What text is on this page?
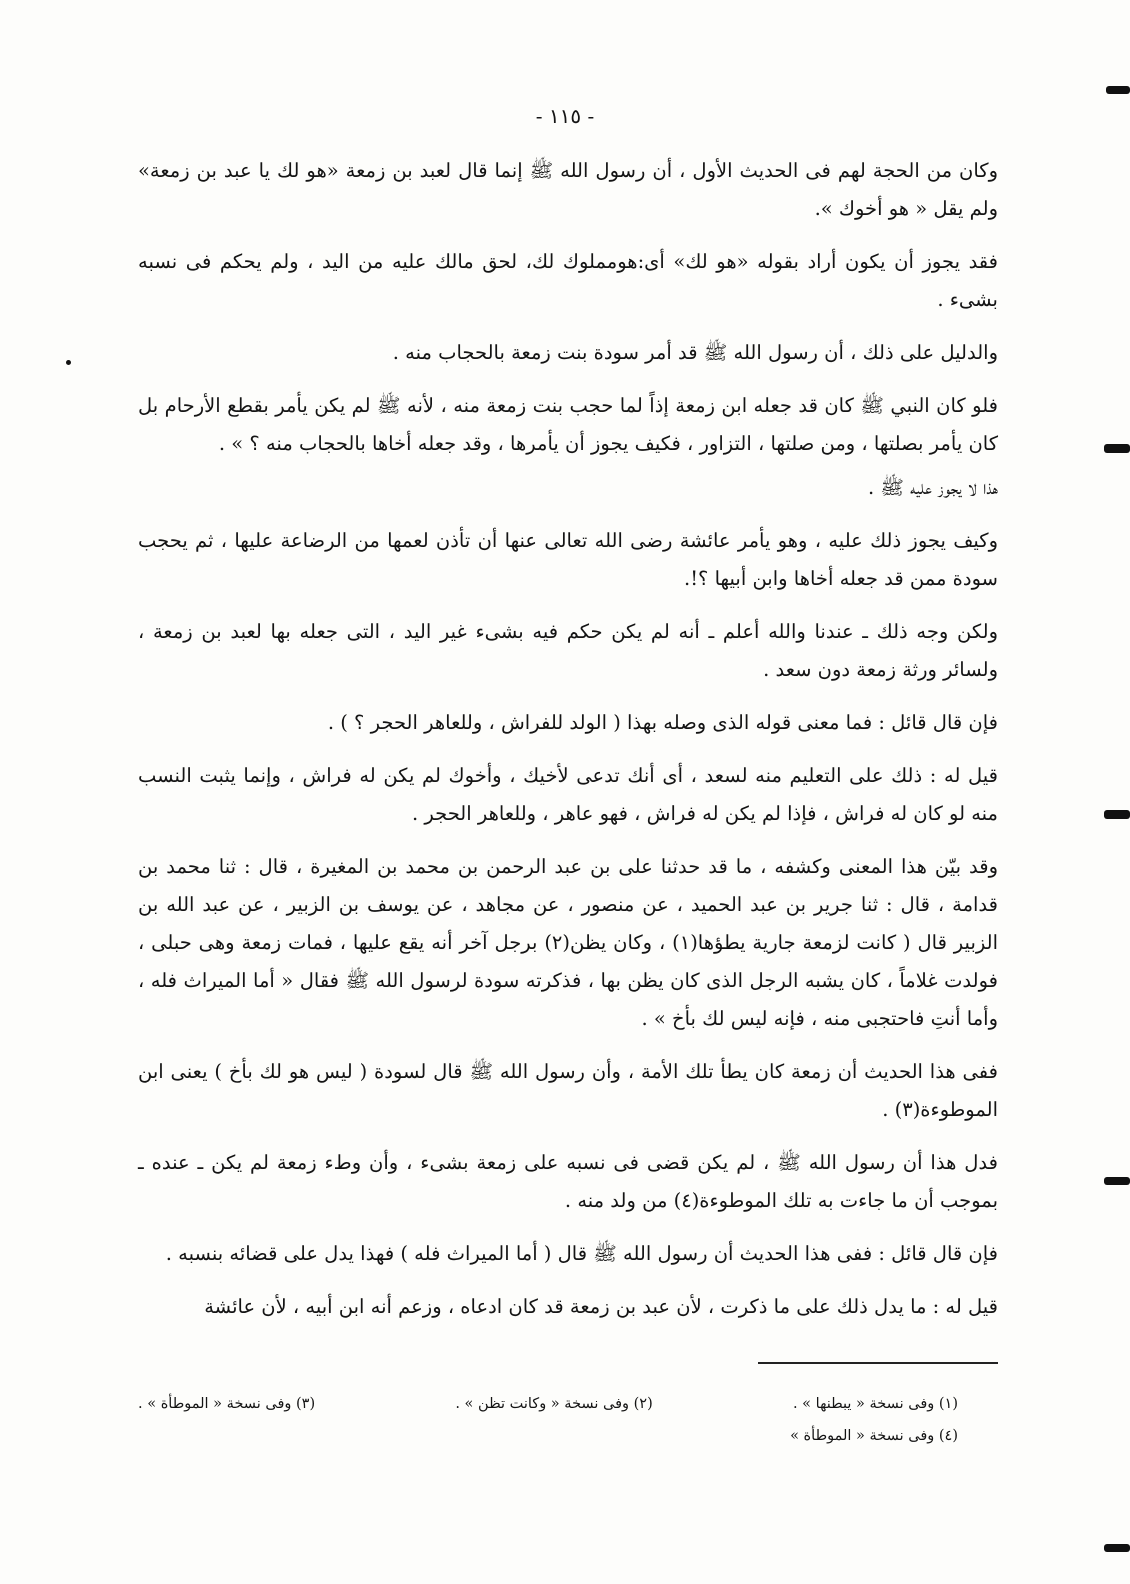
- ١١٥ -

وكان من الحجة لهم فى الحديث الأول ، أن رسول الله ﷺ إنما قال لعبد بن زمعة «هو لك يا عبد بن زمعة» ولم يقل « هو أخوك ».

فقد يجوز أن يكون أراد بقوله «هو لك» أى:هومملوك لك، لحق مالك عليه من اليد ، ولم يحكم فى نسبه بشىء .

والدليل على ذلك ، أن رسول الله ﷺ قد أمر سودة بنت زمعة بالحجاب منه .

فلو كان النبي ﷺ كان قد جعله ابن زمعة إذاً لما حجب بنت زمعة منه ، لأنه ﷺ لم يكن يأمر بقطع الأرحام بل كان يأمر بصلتها ، ومن صلتها ، التزاور ، فكيف يجوز أن يأمرها ، وقد جعله أخاها بالحجاب منه ؟ » .

هذا لا يجوز عليه ﷺ .

وكيف يجوز ذلك عليه ، وهو يأمر عائشة رضى الله تعالى عنها أن تأذن لعمها من الرضاعة عليها ، ثم يحجب سودة ممن قد جعله أخاها وابن أبيها ؟!.

ولكن وجه ذلك ـ عندنا والله أعلم ـ أنه لم يكن حكم فيه بشىء غير اليد ، التى جعله بها لعبد بن زمعة ، ولسائر ورثة زمعة دون سعد .

فإن قال قائل : فما معنى قوله الذى وصله بهذا ( الولد للفراش ، وللعاهر الحجر ؟ ) .

قيل له : ذلك على التعليم منه لسعد ، أى أنك تدعى لأخيك ، وأخوك لم يكن له فراش ، وإنما يثبت النسب منه لو كان له فراش ، فإذا لم يكن له فراش ، فهو عاهر ، وللعاهر الحجر .

وقد بيّن هذا المعنى وكشفه ، ما قد حدثنا على بن عبد الرحمن بن محمد بن المغيرة ، قال : ثنا محمد بن قدامة ، قال : ثنا جرير بن عبد الحميد ، عن منصور ، عن مجاهد ، عن يوسف بن الزبير ، عن عبد الله بن الزبير قال ( كانت لزمعة جارية يطؤها(١) ، وكان يظن(٢) برجل آخر أنه يقع عليها ، فمات زمعة وهى حبلى ، فولدت غلاماً ، كان يشبه الرجل الذى كان يظن بها ، فذكرته سودة لرسول الله ﷺ فقال « أما الميراث فله ، وأما أنتِ فاحتجبى منه ، فإنه ليس لك بأخ » .

ففى هذا الحديث أن زمعة كان يطأ تلك الأمة ، وأن رسول الله ﷺ قال لسودة ( ليس هو لك بأخ ) يعنى ابن الموطوءة(٣) .

فدل هذا أن رسول الله ﷺ ، لم يكن قضى فى نسبه على زمعة بشىء ، وأن وطء زمعة لم يكن ـ عنده ـ بموجب أن ما جاءت به تلك الموطوءة(٤) من ولد منه .

فإن قال قائل : ففى هذا الحديث أن رسول الله ﷺ قال ( أما الميراث فله ) فهذا يدل على قضائه بنسبه .

قيل له : ما يدل ذلك على ما ذكرت ، لأن عبد بن زمعة قد كان ادعاه ، وزعم أنه ابن أبيه ، لأن عائشة

(١) وفى نسخة « يبطنها » .
(٢) وفى نسخة « وكانت تظن » .
(٣) وفى نسخة « الموطأة » .
(٤) وفى نسخة « الموطأة »
